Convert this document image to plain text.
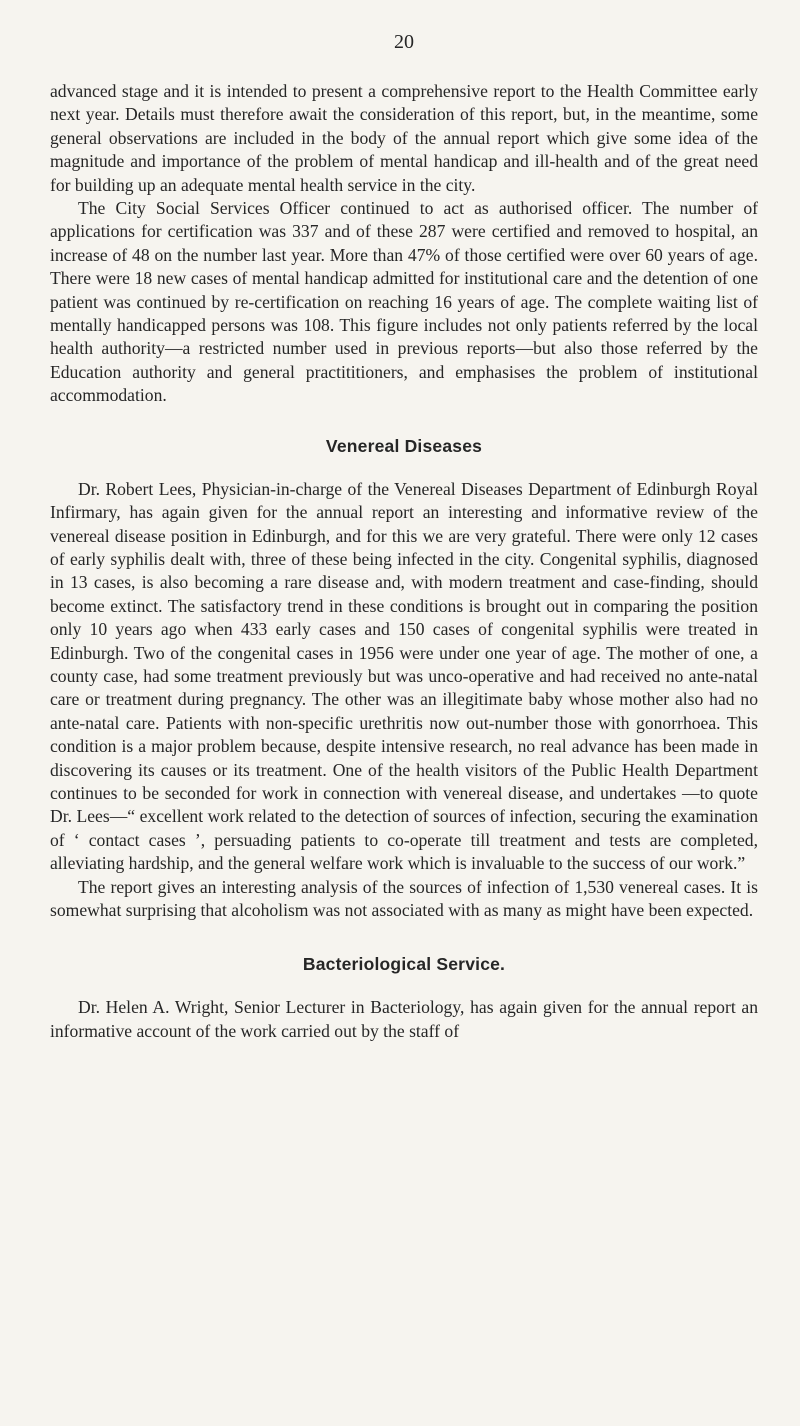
20

advanced stage and it is intended to present a comprehensive report to the Health Committee early next year. Details must therefore await the consideration of this report, but, in the meantime, some general observations are included in the body of the annual report which give some idea of the magnitude and importance of the problem of mental handicap and ill-health and of the great need for building up an adequate mental health service in the city.

The City Social Services Officer continued to act as authorised officer. The number of applications for certification was 337 and of these 287 were certified and removed to hospital, an increase of 48 on the number last year. More than 47% of those certified were over 60 years of age. There were 18 new cases of mental handicap admitted for institutional care and the detention of one patient was continued by re-certification on reaching 16 years of age. The complete waiting list of mentally handicapped persons was 108. This figure includes not only patients referred by the local health authority—a restricted number used in previous reports—but also those referred by the Education authority and general practititioners, and emphasises the problem of institutional accommodation.

Venereal Diseases

Dr. Robert Lees, Physician-in-charge of the Venereal Diseases Department of Edinburgh Royal Infirmary, has again given for the annual report an interesting and informative review of the venereal disease position in Edinburgh, and for this we are very grateful. There were only 12 cases of early syphilis dealt with, three of these being infected in the city. Congenital syphilis, diagnosed in 13 cases, is also becoming a rare disease and, with modern treatment and case-finding, should become extinct. The satisfactory trend in these conditions is brought out in comparing the position only 10 years ago when 433 early cases and 150 cases of congenital syphilis were treated in Edinburgh. Two of the congenital cases in 1956 were under one year of age. The mother of one, a county case, had some treatment previously but was unco-operative and had received no ante-natal care or treatment during pregnancy. The other was an illegitimate baby whose mother also had no ante-natal care. Patients with non-specific urethritis now out-number those with gonorrhoea. This condition is a major problem because, despite intensive research, no real advance has been made in discovering its causes or its treatment. One of the health visitors of the Public Health Department continues to be seconded for work in connection with venereal disease, and undertakes —to quote Dr. Lees—“ excellent work related to the detection of sources of infection, securing the examination of ‘ contact cases ’, persuading patients to co-operate till treatment and tests are completed, alleviating hardship, and the general welfare work which is invaluable to the success of our work.”

The report gives an interesting analysis of the sources of infection of 1,530 venereal cases. It is somewhat surprising that alcoholism was not associated with as many as might have been expected.

Bacteriological Service.

Dr. Helen A. Wright, Senior Lecturer in Bacteriology, has again given for the annual report an informative account of the work carried out by the staff of
